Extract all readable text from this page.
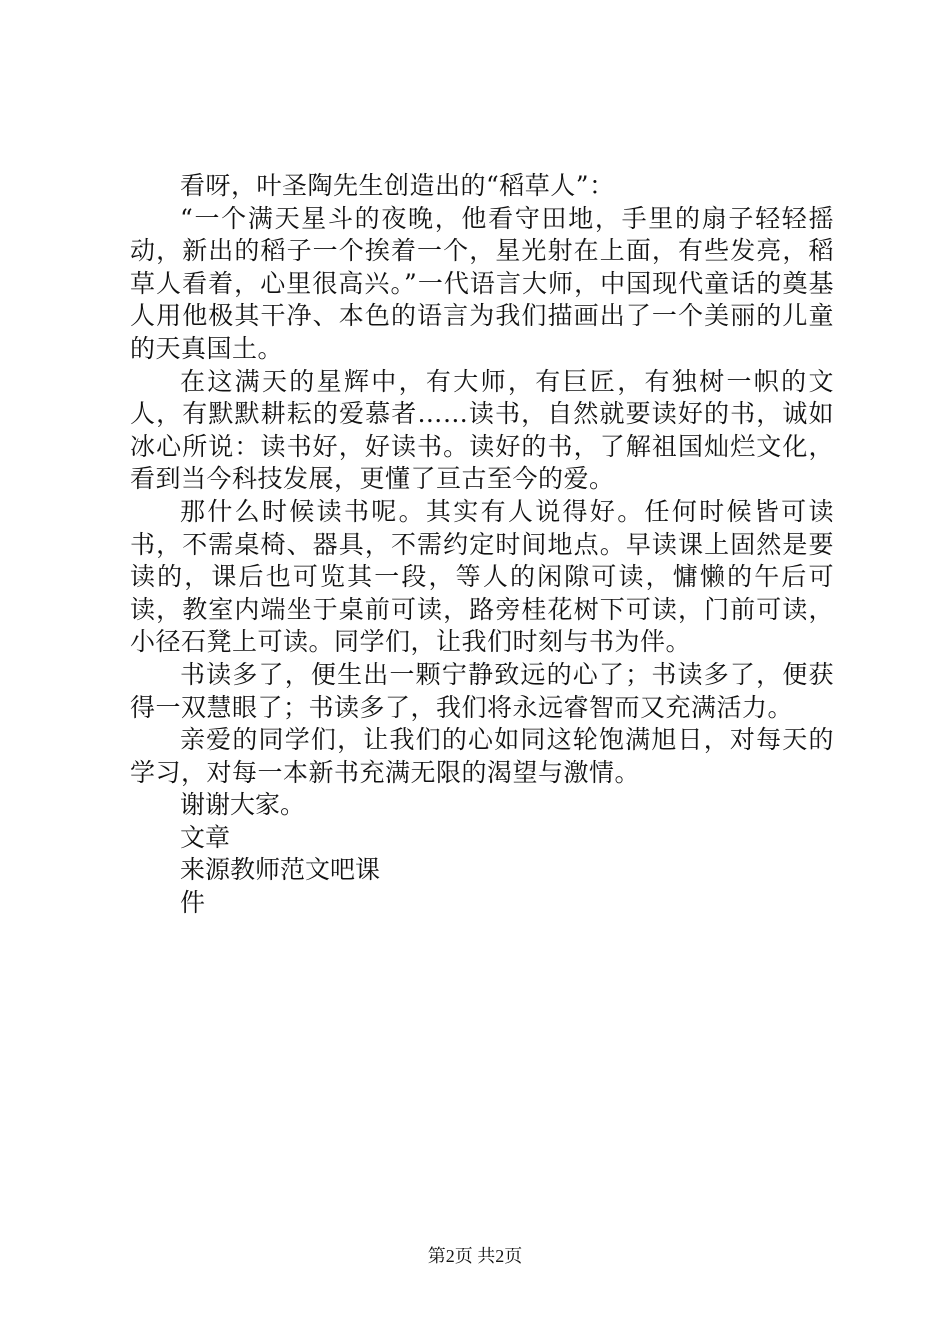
看呀，叶圣陶先生创造出的“稻草人”：

“一个满天星斗的夜晚，他看守田地，手里的扇子轻轻摇动，新出的稻子一个挨着一个，星光射在上面，有些发亮，稻草人看着，心里很高兴。”一代语言大师，中国现代童话的奠基人用他极其干净、本色的语言为我们描画出了一个美丽的儿童的天真国土。

在这满天的星辉中，有大师，有巨匠，有独树一帜的文人，有默默耕耘的爱慕者……读书，自然就要读好的书，诚如冰心所说：读书好，好读书。读好的书，了解祖国灿烂文化，看到当今科技发展，更懂了亘古至今的爱。

那什么时候读书呢。其实有人说得好。任何时候皆可读书，不需桌椅、器具，不需约定时间地点。早读课上固然是要读的，课后也可览其一段，等人的闲隙可读，慵懒的午后可读，教室内端坐于桌前可读，路旁桂花树下可读，门前可读，小径石凳上可读。同学们，让我们时刻与书为伴。

书读多了，便生出一颗宁静致远的心了；书读多了，便获得一双慧眼了；书读多了，我们将永远睿智而又充满活力。

亲爱的同学们，让我们的心如同这轮饱满旭日，对每天的学习，对每一本新书充满无限的渴望与激情。

谢谢大家。

文章

来源教师范文吧课

件

第2页 共2页
